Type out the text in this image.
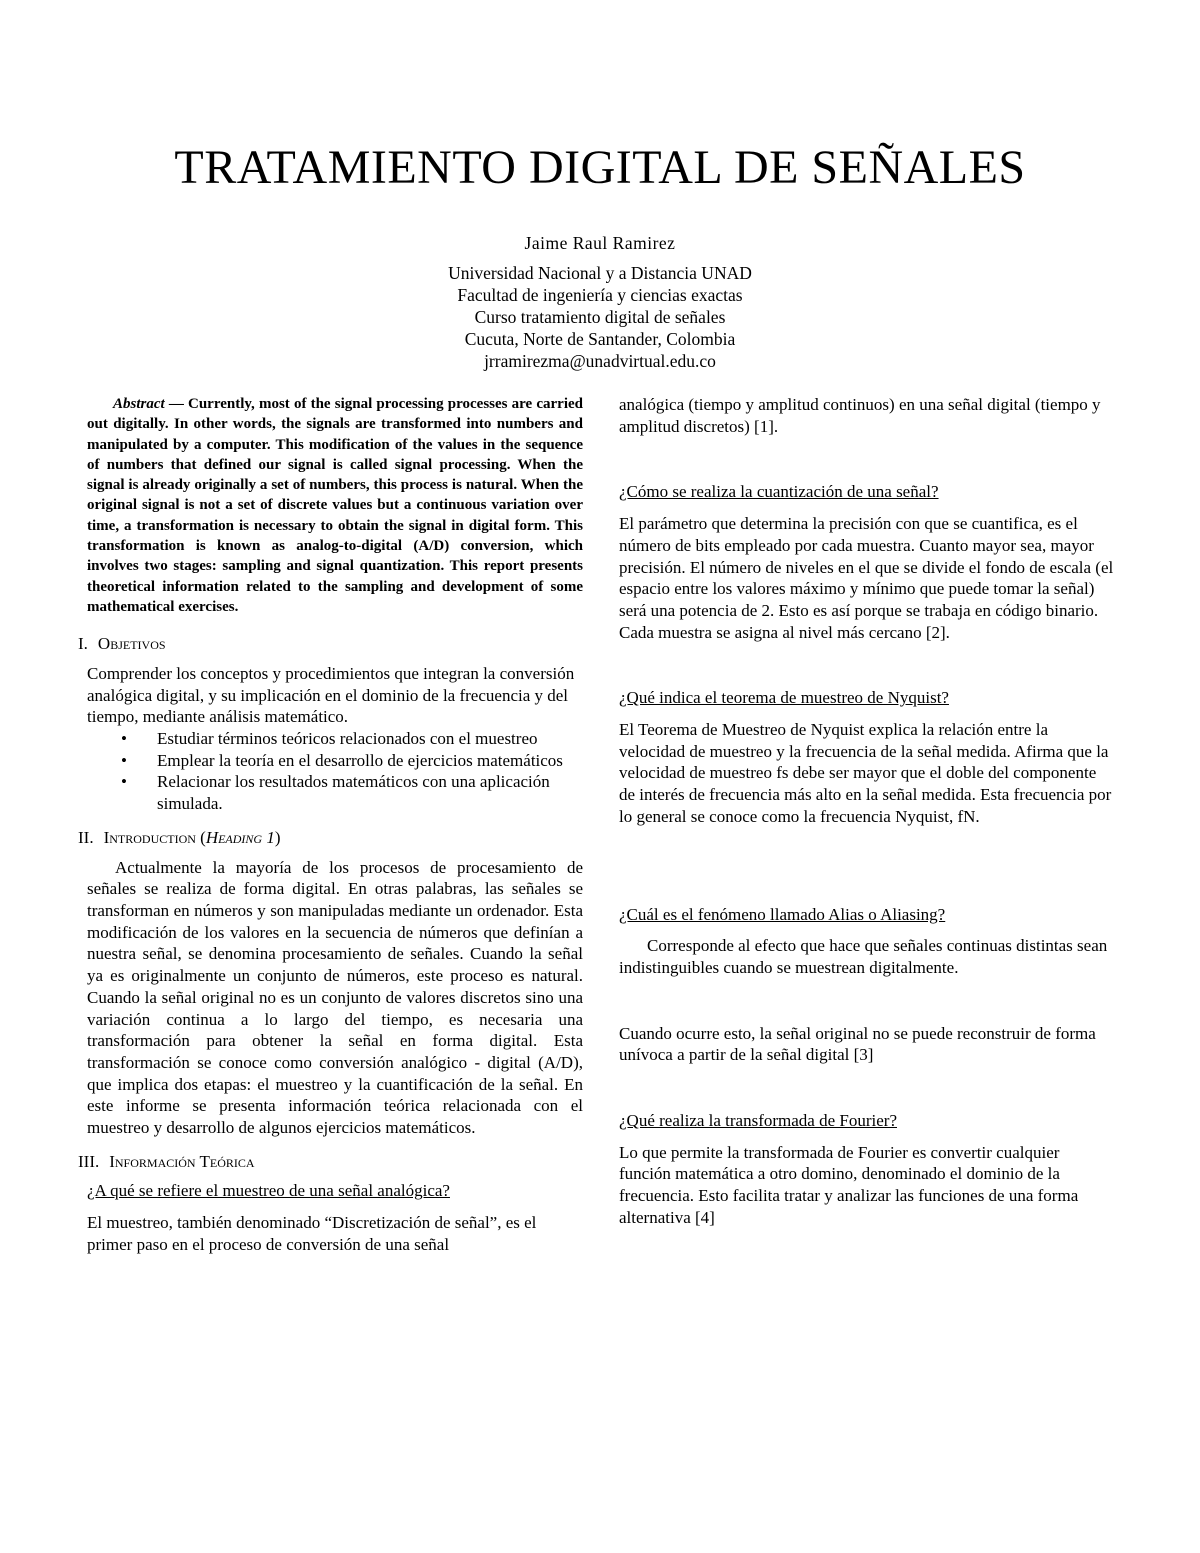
TRATAMIENTO DIGITAL DE SEÑALES
Jaime Raul Ramirez
Universidad Nacional y a Distancia UNAD
Facultad de ingeniería y ciencias exactas
Curso tratamiento digital de señales
Cucuta, Norte de Santander, Colombia
jrramirezma@unadvirtual.edu.co

Abstract — Currently, most of the signal processing processes are carried out digitally. In other words, the signals are transformed into numbers and manipulated by a computer. This modification of the values in the sequence of numbers that defined our signal is called signal processing. When the signal is already originally a set of numbers, this process is natural. When the original signal is not a set of discrete values but a continuous variation over time, a transformation is necessary to obtain the signal in digital form. This transformation is known as analog-to-digital (A/D) conversion, which involves two stages: sampling and signal quantization. This report presents theoretical information related to the sampling and development of some mathematical exercises.

I. Objetivos

Comprender los conceptos y procedimientos que integran la conversión analógica digital, y su implicación en el dominio de la frecuencia y del tiempo, mediante análisis matemático.

• Estudiar términos teóricos relacionados con el muestreo
• Emplear la teoría en el desarrollo de ejercicios matemáticos
• Relacionar los resultados matemáticos con una aplicación simulada.
II. Introduction (Heading 1)

Actualmente la mayoría de los procesos de procesamiento de señales se realiza de forma digital. En otras palabras, las señales se transforman en números y son manipuladas mediante un ordenador. Esta modificación de los valores en la secuencia de números que definían a nuestra señal, se denomina procesamiento de señales. Cuando la señal ya es originalmente un conjunto de números, este proceso es natural. Cuando la señal original no es un conjunto de valores discretos sino una variación continua a lo largo del tiempo, es necesaria una transformación para obtener la señal en forma digital. Esta transformación se conoce como conversión analógico - digital (A/D), que implica dos etapas: el muestreo y la cuantificación de la señal. En este informe se presenta información teórica relacionada con el muestreo y desarrollo de algunos ejercicios matemáticos.

III. Información Teórica

¿A qué se refiere el muestreo de una señal analógica?

El muestreo, también denominado “Discretización de señal”, es el primer paso en el proceso de conversión de una señal

analógica (tiempo y amplitud continuos) en una señal digital (tiempo y amplitud discretos) [1].

¿Cómo se realiza la cuantización de una señal?

El parámetro que determina la precisión con que se cuantifica, es el número de bits empleado por cada muestra. Cuanto mayor sea, mayor precisión. El número de niveles en el que se divide el fondo de escala (el espacio entre los valores máximo y mínimo que puede tomar la señal) será una potencia de 2. Esto es así porque se trabaja en código binario. Cada muestra se asigna al nivel más cercano [2].

¿Qué indica el teorema de muestreo de Nyquist?

El Teorema de Muestreo de Nyquist explica la relación entre la velocidad de muestreo y la frecuencia de la señal medida. Afirma que la velocidad de muestreo fs debe ser mayor que el doble del componente de interés de frecuencia más alto en la señal medida. Esta frecuencia por lo general se conoce como la frecuencia Nyquist, fN.

¿Cuál es el fenómeno llamado Alias o Aliasing?

Corresponde al efecto que hace que señales continuas distintas sean indistinguibles cuando se muestrean digitalmente.

Cuando ocurre esto, la señal original no se puede reconstruir de forma unívoca a partir de la señal digital [3]

¿Qué realiza la transformada de Fourier?

Lo que permite la transformada de Fourier es convertir cualquier función matemática a otro domino, denominado el dominio de la frecuencia. Esto facilita tratar y analizar las funciones de una forma alternativa [4]
